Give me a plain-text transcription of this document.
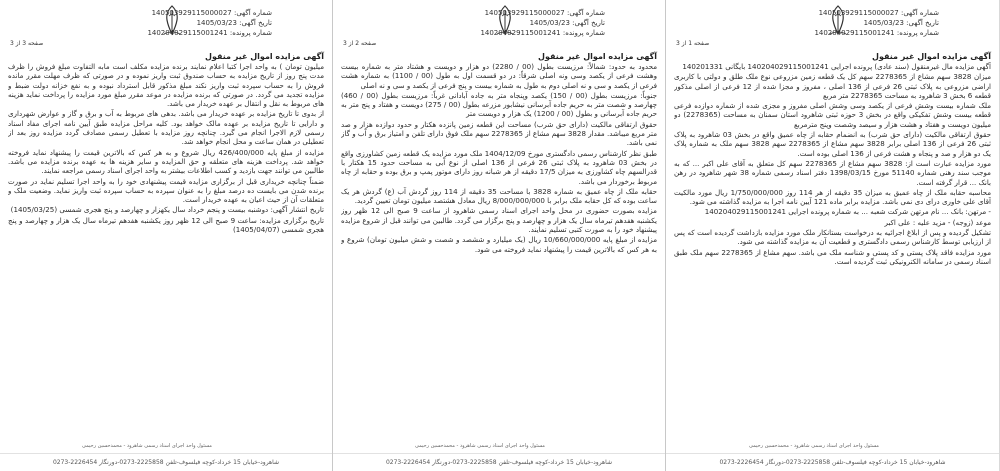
شماره آگهی: 140503929115000027
تاریخ آگهی: 1405/03/23
شماره پرونده: 140204029115001241
صفحه 3 از 3
آگهی مزایده اموال غیر منقول

میلیون تومان ) به واحد اجرا کتبا اعلام نمایند برنده مزایده مکلف است مابه التفاوت مبلغ فروش را ظرف مدت پنج روز از تاریخ مزایده به حساب صندوق ثبت واریز نموده و در صورتی که ظرف مهلت مقرر مانده فروش را به حساب سپرده ثبت واریز نکند مبلغ مذکور قابل استرداد نبوده و به نفع خزانه دولت ضبط و مزایده تجدید می گردد. در صورتی که برنده مزایده در موعد مقرر مبلغ مورد مزایده را پرداخت نماید هزینه های مربوط به نقل و انتقال بر عهده خریدار می باشد.

از بدوی تا تاریخ مزایده بر عهده خریدار می باشد. بدهی های مربوط به آب و برق و گاز و عوارض شهرداری و دارایی تا تاریخ مزایده بر عهده مالک خواهد بود. کلیه مراحل مزایده طبق آیین نامه اجرای مفاد اسناد رسمی لازم الاجرا انجام می گیرد. چنانچه روز مزایده با تعطیل رسمی مصادف گردد مزایده روز بعد از تعطیلی در همان ساعت و محل انجام خواهد شد.

مزایده از مبلغ پایه 426/400/000 ریال شروع و به هر کس که بالاترین قیمت را پیشنهاد نماید فروخته خواهد شد. پرداخت هزینه های متعلقه و حق المزایده و سایر هزینه ها به عهده برنده مزایده می باشد. طالبین می توانند جهت بازدید و کسب اطلاعات بیشتر به واحد اجرای اسناد رسمی مراجعه نمایند.

ضمناً چنانچه خریداری قبل از برگزاری مزایده قیمت پیشنهادی خود را به واحد اجرا تسلیم نماید در صورت برنده شدن می بایست ده درصد مبلغ را به عنوان سپرده به حساب سپرده ثبت واریز نماید. وضعیت ملک و متعلقات آن از حیث اعیان به عهده خریدار است.

تاریخ انتشار آگهی: دوشنبه بیست و پنجم خرداد سال یکهزار و چهارصد و پنج هجری شمسی (1405/03/25)

تاریخ برگزاری مزایده: ساعت 9 صبح الی 12 ظهر روز یکشنبه هفدهم تیرماه سال یک هزار و چهارصد و پنج هجری شمسی (1405/04/07)

مسئول واحد اجرای اسناد رسمی شاهرود - محمدحسین رحیمی
شاهرود-خیابان 15 خرداد-کوچه فیلسوف-تلفن 2225858-0273-دورنگار 2226454-0273
شماره آگهی: 140503929115000027
تاریخ آگهی: 1405/03/23
شماره پرونده: 140204029115001241
صفحه 2 از 3
آگهی مزایده اموال غیر منقول

محدود به حدود: شمالاً: مرزیست بطول (00 / 2280) دو هزار و دویست و هشتاد متر به شماره بیست وهشت فرعی از یکصد وسی ونه اصلی شرقاً: در دو قسمت اول به طول (00 / 1100) به شماره هشت فرعی از یکصد و سی و نه اصلی دوم به طول به شماره بیست و پنج فرعی از یکصد و سی و نه اصلی

جنوباً: مرزیست بطول (00 / 150) یکصد وپنجاه متر به جاده آبادانی غرباً: مرزیست بطول (00 / 460) چهارصد و شصت متر به حریم جاده آبرسانی نیشابور مزرعه بطول (00 / 275) دویست و هفتاد و پنج متر به حریم جاده آبرسانی و بطول (00 / 1200) یک هزار و دویست متر

حقوق ارتفاقی مالکیت (دارای حق شرب) مساحت این قطعه زمین پانزده هکتار و حدود دوازده هزار و صد متر مربع میباشد. مقدار 3828 سهم مشاع از 2278365 سهم ملک فوق دارای تلفن و امتیاز برق و آب و گاز نمی باشد.

طبق نظر کارشناس رسمی دادگستری مورخ 1404/12/09 ملک مورد مزایده یک قطعه زمین کشاورزی واقع در بخش 03 شاهرود به پلاک ثبتی 26 فرعی از 136 اصلی از نوع آبی به مساحت حدود 15 هکتار با قدرالسهم چاه کشاورزی به میزان 17/5 دقیقه از هر شبانه روز دارای موتور پمپ و برق بوده و حقابه از چاه مربوط برخوردار می باشد.

حقابه ملک از چاه عمیق به شماره 3828 با مساحت 35 دقیقه از 114 روز گردش آب (ع) گردش هر یک ساعت بوده که کل حقابه ملک برابر با 8/000/000/000 ریال معادل هشتصد میلیون تومان تعیین گردید.

مزایده بصورت حضوری در محل واحد اجرای اسناد رسمی شاهرود از ساعت 9 صبح الی 12 ظهر روز یکشنبه هفدهم تیرماه سال یک هزار و چهارصد و پنج برگزار می گردد. طالبین می توانند قبل از شروع مزایده پیشنهاد خود را به صورت کتبی تسلیم نمایند.

مزایده از مبلغ پایه 10/660/000/000 ریال (یک میلیارد و ششصد و شصت و شش میلیون تومان) شروع و به هر کس که بالاترین قیمت را پیشنهاد نماید فروخته می شود.

مسئول واحد اجرای اسناد رسمی شاهرود - محمدحسین رحیمی
شاهرود-خیابان 15 خرداد-کوچه فیلسوف-تلفن 2225858-0273-دورنگار 2226454-0273
شماره آگهی: 140503929115000027
تاریخ آگهی: 1405/03/23
شماره پرونده: 140204029115001241
صفحه 1 از 3
آگهی مزایده اموال غیر منقول

آگهی مزایده مال غیرمنقول (سند عادی) پرونده اجرایی 140204029115001241 بایگانی 140201331

میزان 3828 سهم مشاع از 2278365 سهم کل یک قطعه زمین مزروعی نوع ملک طلق و دولتی با کاربری اراضی مزروعی به پلاک ثبتی 26 فرعی از 136 اصلی ، مفروز و مجزا شده از 12 فرعی از اصلی مذکور قطعه 6 بخش 3 شاهرود به مساحت 2278365 متر مربع

ملک شماره بیست وشش فرعی از یکصد وسی وشش اصلی مفروز و مجزی شده از شماره دوازده فرعی قطعه بیست وشش تفکیکی واقع در بخش 3 حوزه ثبتی شاهرود استان سمنان به مساحت (2278365) دو میلیون دویست و هفتاد و هشت هزار و سیصد وشصت وپنج مترمربع

حقوق ارتفاقی مالکیت (دارای حق شرب) به انضمام حقابه از چاه عمیق واقع در بخش 03 شاهرود به پلاک ثبتی 26 فرعی از 136 اصلی برابر 3828 سهم مشاع از 2278365 سهم 3828 سهم ملک به شماره پلاک یک دو هزار و صد و پنجاه و هشت فرعی از 136 اصلی بوده است.

مورد مزایده عبارت است از: 3828 سهم مشاع از 2278365 سهم کل متعلق به آقای علی اکبر ... که به موجب سند رهنی شماره 51140 مورخ 1398/03/15 دفتر اسناد رسمی شماره 38 شهر شاهرود در رهن بانک ... قرار گرفته است.

محاسبه حقابه ملک از چاه عمیق به میزان 35 دقیقه از هر 114 روز 1/750/000/000 ریال مورد مالکیت آقای علی خاوری درای دی نمی باشد. مزایده برابر ماده 121 آیین نامه اجرا به مزایده گذاشته می شود.

- مرتهن: بانک ... نام مرتهن شرکت شعبه ... به شماره پرونده اجرایی 140204029115001241

موعد (زوجه) - مزید علیه : علی اکبر

تشکیل گردیده و پس از ابلاغ اجرائیه به درخواست بستانکار ملک مورد مزایده بازداشت گردیده است که پس از ارزیابی توسط کارشناس رسمی دادگستری و قطعیت آن به مزایده گذاشته می شود.

مورد مزایده فاقد پلاک پستی و کد پستی و شناسه ملک می باشد. سهم مشاع از 2278365 سهم ملک طبق اسناد رسمی در سامانه الکترونیکی ثبت گردیده است.

مسئول واحد اجرای اسناد رسمی شاهرود - محمدحسین رحیمی
شاهرود-خیابان 15 خرداد-کوچه فیلسوف-تلفن 2225858-0273-دورنگار 2226454-0273
